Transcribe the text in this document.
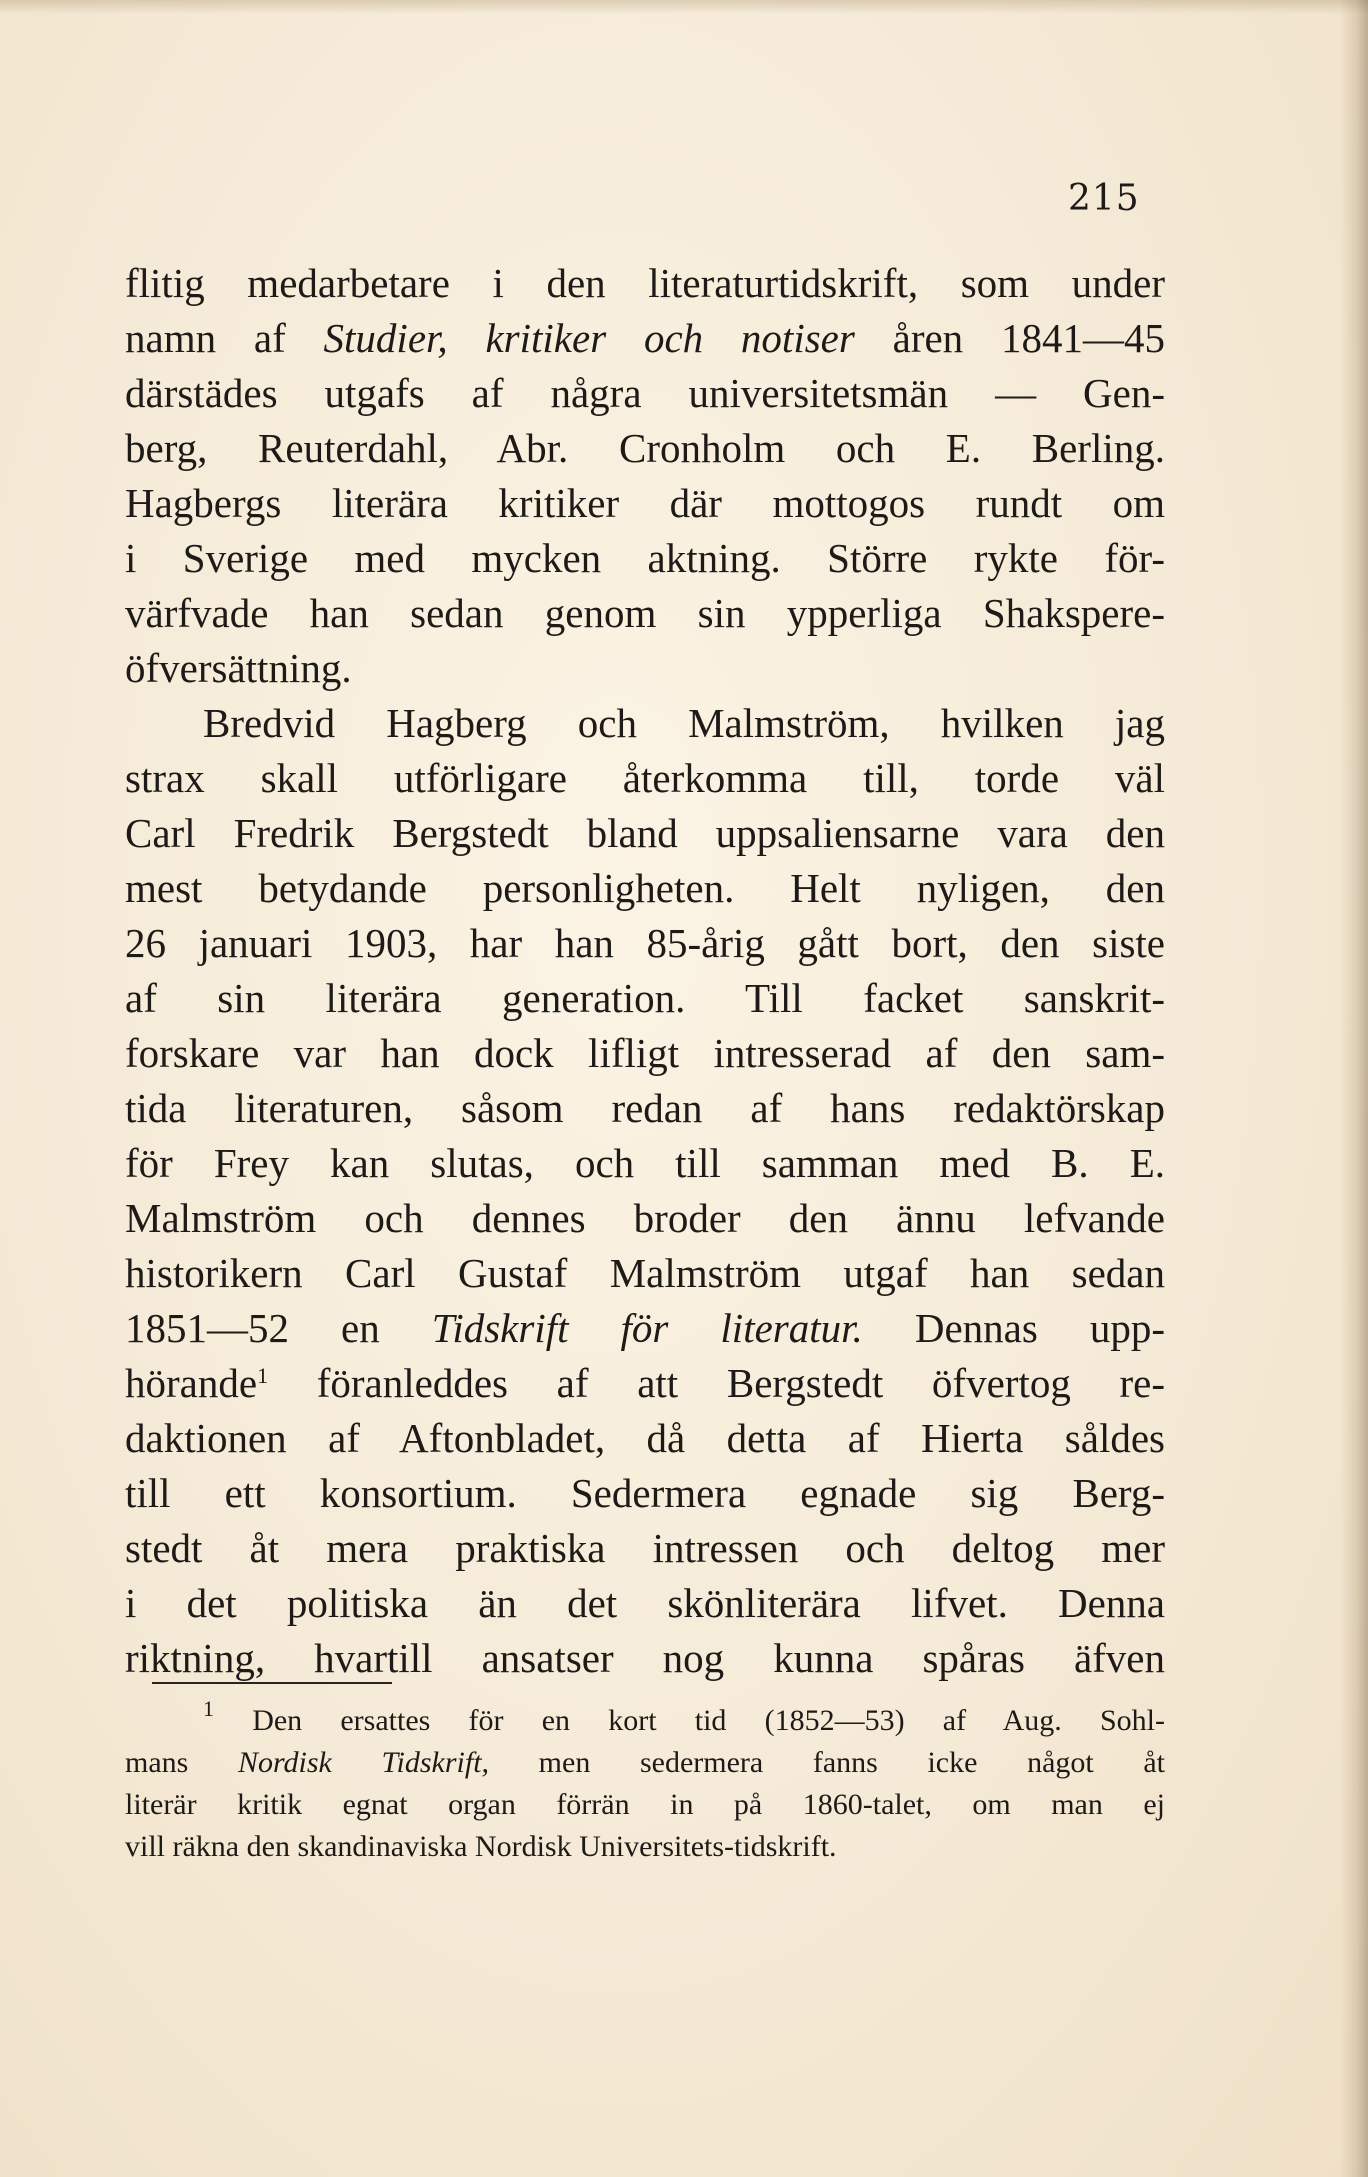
215
flitig medarbetare i den literaturtidskrift, som under
namn af Studier, kritiker och notiser åren 1841—45
därstädes utgafs af några universitetsmän — Gen-
berg, Reuterdahl, Abr. Cronholm och E. Berling.
Hagbergs literära kritiker där mottogos rundt om
i Sverige med mycken aktning. Större rykte för-
värfvade han sedan genom sin ypperliga Shakspere-
öfversättning.
Bredvid Hagberg och Malmström, hvilken jag
strax skall utförligare återkomma till, torde väl
Carl Fredrik Bergstedt bland uppsaliensarne vara den
mest betydande personligheten. Helt nyligen, den
26 januari 1903, har han 85-årig gått bort, den siste
af sin literära generation. Till facket sanskrit-
forskare var han dock lifligt intresserad af den sam-
tida literaturen, såsom redan af hans redaktörskap
för Frey kan slutas, och till samman med B. E.
Malmström och dennes broder den ännu lefvande
historikern Carl Gustaf Malmström utgaf han sedan
1851—52 en Tidskrift för literatur. Dennas upp-
hörande$^1$ föranleddes af att Bergstedt öfvertog re-
daktionen af Aftonbladet, då detta af Hierta såldes
till ett konsortium. Sedermera egnade sig Berg-
stedt åt mera praktiska intressen och deltog mer
i det politiska än det skönliterära lifvet. Denna
riktning, hvartill ansatser nog kunna spåras äfven
$^1$ Den ersattes för en kort tid (1852—53) af Aug. Sohl-
mans Nordisk Tidskrift, men sedermera fanns icke något åt
literär kritik egnat organ förrän in på 1860-talet, om man ej
vill räkna den skandinaviska Nordisk Universitets-tidskrift.
